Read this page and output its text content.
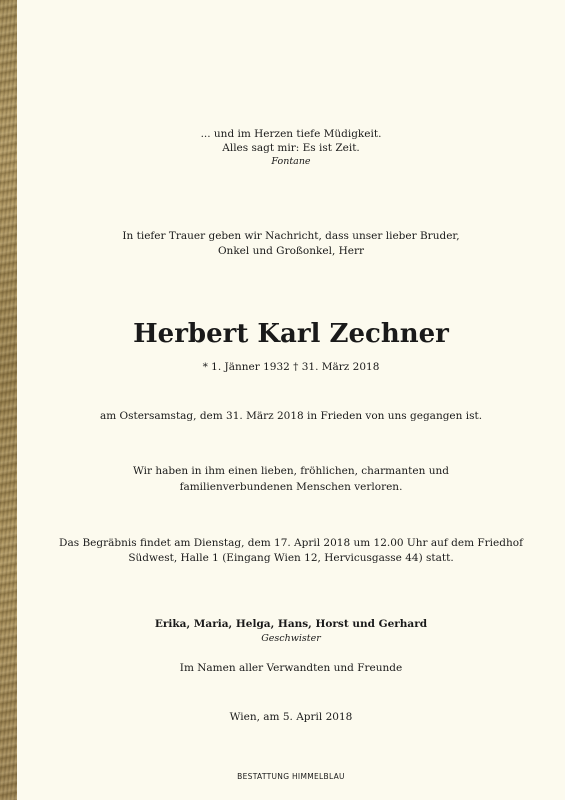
... und im Herzen tiefe Müdigkeit.
Alles sagt mir: Es ist Zeit.
Fontane
In tiefer Trauer geben wir Nachricht, dass unser lieber Bruder,
Onkel und Großonkel, Herr
Herbert Karl Zechner
* 1. Jänner 1932 † 31. März 2018
am Ostersamstag, dem 31. März 2018 in Frieden von uns gegangen ist.
Wir haben in ihm einen lieben, fröhlichen, charmanten und
familienverbundenen Menschen verloren.
Das Begräbnis findet am Dienstag, dem 17. April 2018 um 12.00 Uhr auf dem Friedhof
Südwest, Halle 1 (Eingang Wien 12, Hervicusgasse 44) statt.
Erika, Maria, Helga, Hans, Horst und Gerhard
Geschwister
Im Namen aller Verwandten und Freunde
Wien, am 5. April 2018
BESTATTUNG HIMMELBLAU
